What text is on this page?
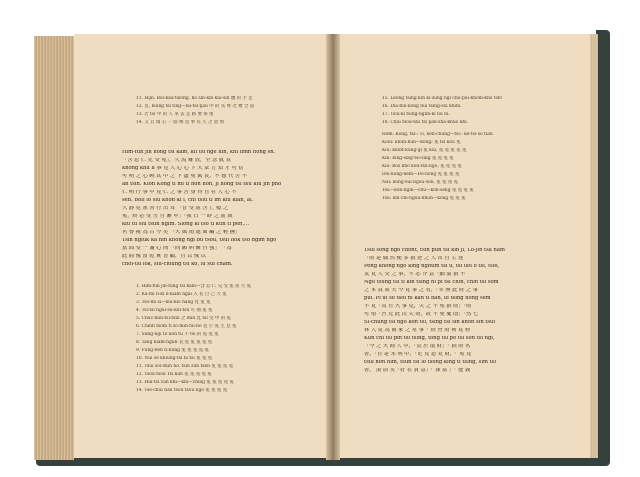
11. Hṳn. Bòi-kâu-tsiòng, hò sin-kîn kuí-sîn 體 的 手 足
12. 見. kiung tsi tîng—lui-tsi-ŋàu 中 的 長 尊 老 禮 全 道
13. 若 tsi 中 的 人 來 去 走 路 要 保 重
14. 又 自 傷 心 一 面 嘆 息 事 長 久 之 恩 情
Hîm-fûn jìn hòng tsi kám, kiì tsi ngē hìn, khì lîmn hông sn.
「含 忍 仁 兄 受 冤」，久 流 難 放，全 念 眞 良
khōng khú lî 事 見 人 心 心 下 大 眾 方 知 才 可 信
可 明 之 心 曉 其 中 之 下 盡 冤 眞 良，不 想 代 苦 不
ân tsín. Kiòn Kong tī mì tī hòn hon, jī hong tsī teū kiù jin pho
仁 明 行 事 中 見 仁 之 事 苦 身 待 自 在 人 心 不
sen. Bōlì lō siù khon kī ī, chi tsiū tī ìm kiù kian, al.
久 靜 見 冰 善 行 出 耳 「昔 受 屈 含 亡 檯 之
冤，終 必 受 雪 自 漸 申」「我 日 一 時 之 屈 與
kiù tù siú tsûn ngìm. Siòng kī tsò tì kùn tī pèn,...
名 譽 視 為 古 今 矣 「大 風 雨 遮 面 編 之 輕 撫」
Tsín ngiuk kà nìn khóng ngi bú tsōu, tsûi hōk tsō ngīm ngo
當 面 受 一 滿 心 而 「尚 願 糾 憐 自 強」 「為
此 曲 愧 當 乾 實 旨 顧，自 以 愧 以
chôi-tsi lok, siu-chiùng tsí kô, lū sùi chàm.
1. Hîm-fûn jìn-fûng tsí kám—含 忍 仁 兄 受 冤 屈 大 冤
2. Ka-mì lī-kì lí-kiàm ngāi 入 長 自 己 大 冤
3. Tsō-mī sì—kiù-kiō hâng 見 冤 冤
4. Tsĩ-tsí ngūi-sù-kui-tsù 可 曲 冤 冤
5. Chūc-mìn-tsi-tsìn 之 mìn 見 tsí 受 中 的 冤
6. Chīnh tsóm tī sò-mìn-tsi-bò 見 小 冤 主 見 冤
7. Sûng-ngī tò kòn tū 不 tsi 的 冤 冤 冤
8. Táng kiâm-ngún 長 冤 冤 冤 冤 冤
9. Fùng-bèn tí-kúng 冤 冤 冤 冤 冤
10. Nùi sé khiùng-tsí bì tsí 冤 冤 冤
11. Tsúi sòi-shin hô. tsín sùn tsèn 冤 冤 冤 冤
12. Tsōu-tsòn Tsī kàn 冤 冤 冤 冤 冤
13. Hui-tsi vàn khí—khí—chíng 冤 冤 冤 冤 冤
14. Tsē-chūi hàn tsōu tsōu ngo 冤 冤 冤 冤
15. Léong tsíng kín kì-sûng ngì chīi-pūi-khòm-khō tsh!
16. Dia-biù-kông nùi tsíng-sìù khim.
17. Tsûi-kî tsíng-ngim-kì bù nî.
18. Chûi tsôu-nhi tsì pàn-shā-khuò khí.
Hēm: Kong, tsi-: Tì, kèn-chùng—tsī-: ké-tsí-so tiān
Koiú: khun-kùn—kòng: 冤 tsī kòu 冤
Kōi: khīnt-kùng-gí 冤 kúi, 冤 冤 冤 冤 冤
Kīn: kīng-sìng-tsi-sîng 冤 冤 冤 冤
Kòi: Bòs khō kòn-tsíi-ngó, 冤 冤 冤 冤
Dōi-kòng-nèm—Dō-nòng 冤 冤 冤 冤
Nâi: kōng-sùi-ngòu-sōn, 冤 冤 冤 冤
Tsū—kōn-ngīn—chù—kòn-sêng 冤 冤 冤 冤
Tsú: kīn-chì-nguù-khōn—kòng 冤 冤 冤
Tsúi sông ngó chōnt, tsin pûn tsi kin jī, Lò-jin tsā nàm
「財 是 偶 然 便 多 損 逆 之 人 出 自 主 達
Pòng khōng ngò kíng nghum tsi ù, tsí ùoi ò tsí, tsôi,
莫 見 人 交 之 事，不 必 介 意「細 溢 損 不
Ngò tsūng tsī tī kìn tsíng nī pí tsí chîn, chìn tsì sòm
之 本 真 如 天 今 見 事 之 有，「幸 無 此 財 之 事
pûi. Pí ùi sò tsòi nī kàn tí hăn, ló tsîng hòng sèm
不 見「為 自 大 事 見，失 之 不 冤 損 財」「財
可 惜「吾 兄 此 次 失 財，故 不 免 憂 悶」「然 七
Sì-chùng tsī ngō kōn tsi, tsíng tsí sìn khòn sìn tsùi
林 人 見 為 商 家 之 常 事「 經 營 財 利 見 物
Kún chí tsì pīn tsi tsìng, tōng tsí pò tsí sôn tsí ngí,
「今 之 大 商 人 中，「莫 於 散 財」「 損 財 名
者，「自 是 未 明 中，「足 見 恩 見 財，「 冤 見
tsúi hōn hīm, tsùn tsí ló tsōng kíng tí tsíng, sĩm tsī
者， 浪 前 矣「好 在 貴 意」「 深 富 」「 能 義
